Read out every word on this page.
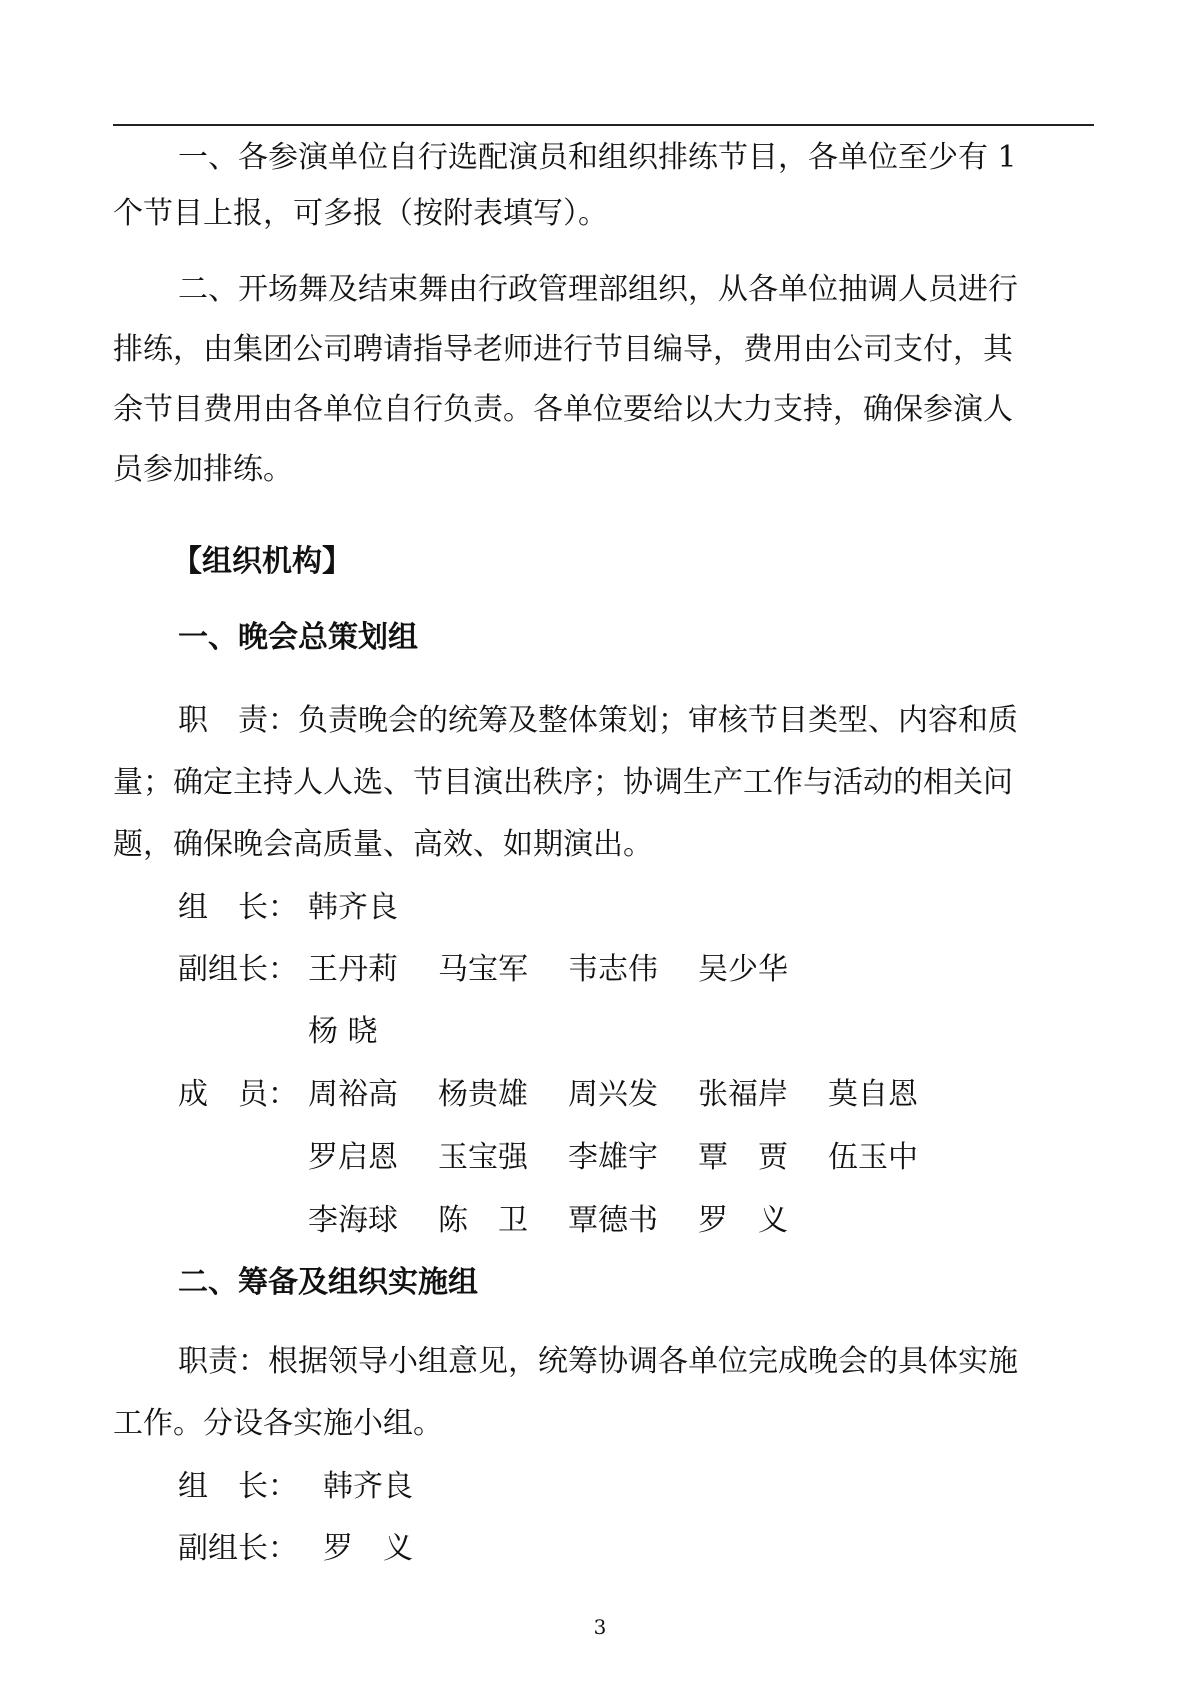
一、各参演单位自行选配演员和组织排练节目，各单位至少有 1
个节目上报，可多报（按附表填写）。
二、开场舞及结束舞由行政管理部组织，从各单位抽调人员进行
排练，由集团公司聘请指导老师进行节目编导，费用由公司支付，其
余节目费用由各单位自行负责。各单位要给以大力支持，确保参演人
员参加排练。
【组织机构】
一、晚会总策划组
职　责：负责晚会的统筹及整体策划；审核节目类型、内容和质
量；确定主持人人选、节目演出秩序；协调生产工作与活动的相关问
题，确保晚会高质量、高效、如期演出。
组　长： 韩齐良
副组长： 王丹莉 马宝军 韦志伟 吴少华
杨 晓
成　员： 周裕高 杨贵雄 周兴发 张福岸 莫自恩
罗启恩 玉宝强 李雄宇 覃　贾 伍玉中
李海球 陈　卫 覃德书 罗　义
二、筹备及组织实施组
职责：根据领导小组意见，统筹协调各单位完成晚会的具体实施
工作。分设各实施小组。
组　长： 韩齐良
副组长： 罗　义
3
